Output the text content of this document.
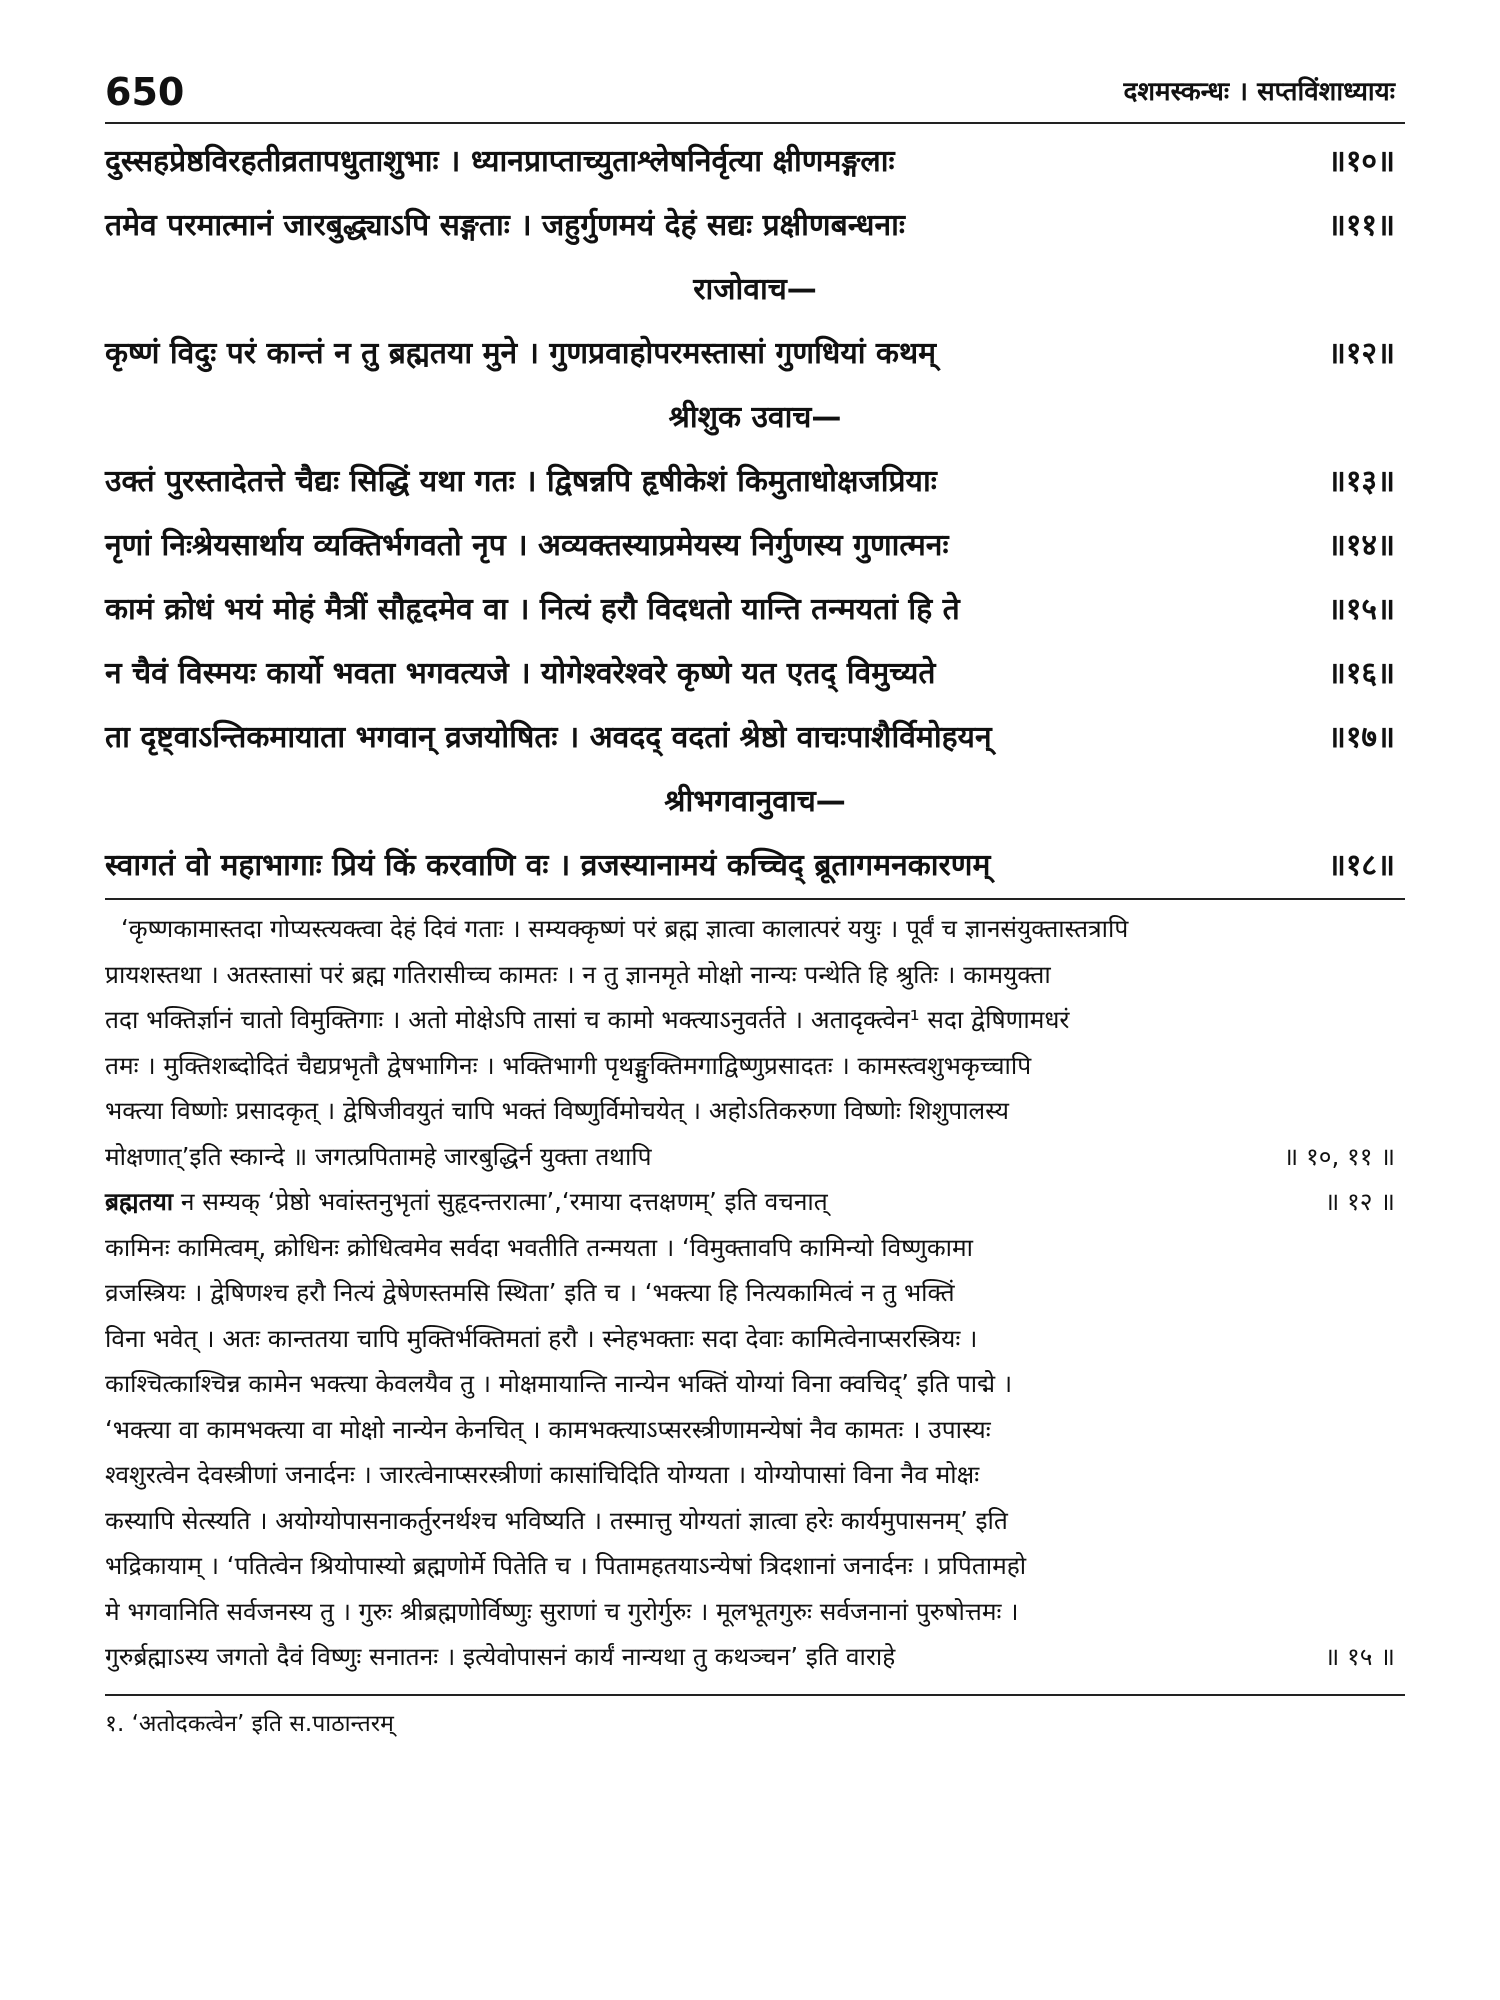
650	दशमस्कन्धः । सप्तविंशाध्यायः
दुस्सहप्रेष्ठविरहतीव्रतापधुताशुभाः । ध्यानप्राप्ताच्युताश्लेषनिर्वृत्या क्षीणमङ्गलाः	॥१०॥
तमेव परमात्मानं जारबुद्ध्याऽपि सङ्गताः । जहुर्गुणमयं देहं सद्यः प्रक्षीणबन्धनाः	॥११॥
राजोवाच—
कृष्णं विदुः परं कान्तं न तु ब्रह्मतया मुने । गुणप्रवाहोपरमस्तासां गुणधियां कथम्	॥१२॥
श्रीशुक उवाच—
उक्तं पुरस्तादेतत्ते चैद्यः सिद्धिं यथा गतः । द्विषन्नपि हृषीकेशं किमुताधोक्षजप्रियाः	॥१३॥
नृणां निःश्रेयसार्थाय व्यक्तिर्भगवतो नृप । अव्यक्तस्याप्रमेयस्य निर्गुणस्य गुणात्मनः	॥१४॥
कामं क्रोधं भयं मोहं मैत्रीं सौहृदमेव वा । नित्यं हरौ विदधतो यान्ति तन्मयतां हि ते	॥१५॥
न चैवं विस्मयः कार्यो भवता भगवत्यजे । योगेश्वरेश्वरे कृष्णे यत एतद् विमुच्यते	॥१६॥
ता दृष्ट्वाऽन्तिकमायाता भगवान् व्रजयोषितः । अवदद् वदतां श्रेष्ठो वाचःपाशैर्विमोहयन्	॥१७॥
श्रीभगवानुवाच—
स्वागतं वो महाभागाः प्रियं किं करवाणि वः । व्रजस्यानामयं कच्चिद् ब्रूतागमनकारणम्	॥१८॥
‘कृष्णकामास्तदा गोप्यस्त्यक्त्वा देहं दिवं गताः । सम्यक्कृष्णं परं ब्रह्म ज्ञात्वा कालात्परं ययुः । पूर्वं च ज्ञानसंयुक्तास्तत्रापि
प्रायशस्तथा । अतस्तासां परं ब्रह्म गतिरासीच्च कामतः । न तु ज्ञानमृते मोक्षो नान्यः पन्थेति हि श्रुतिः । कामयुक्ता
तदा भक्तिर्ज्ञानं चातो विमुक्तिगाः । अतो मोक्षेऽपि तासां च कामो भक्त्याऽनुवर्तते । अतादृक्त्वेन¹ सदा द्वेषिणामधरं
तमः । मुक्तिशब्दोदितं चैद्यप्रभृतौ द्वेषभागिनः । भक्तिभागी पृथङ्मुक्तिमगाद्विष्णुप्रसादतः । कामस्त्वशुभकृच्चापि
भक्त्या विष्णोः प्रसादकृत् । द्वेषिजीवयुतं चापि भक्तं विष्णुर्विमोचयेत् । अहोऽतिकरुणा विष्णोः शिशुपालस्य
मोक्षणात्’इति स्कान्दे ॥ जगत्प्रपितामहे जारबुद्धिर्न युक्ता तथापि	॥ १०, ११ ॥
ब्रह्मतया न सम्यक् ‘प्रेष्ठो भवांस्तनुभृतां सुहृदन्तरात्मा’,‘रमाया दत्तक्षणम्’ इति वचनात्	॥ १२ ॥
कामिनः कामित्वम्, क्रोधिनः क्रोधित्वमेव सर्वदा भवतीति तन्मयता । ‘विमुक्तावपि कामिन्यो विष्णुकामा
व्रजस्त्रियः । द्वेषिणश्च हरौ नित्यं द्वेषेणस्तमसि स्थिता’ इति च । ‘भक्त्या हि नित्यकामित्वं न तु भक्तिं
विना भवेत् । अतः कान्ततया चापि मुक्तिर्भक्तिमतां हरौ । स्नेहभक्ताः सदा देवाः कामित्वेनाप्सरस्त्रियः ।
काश्चित्काश्चिन्न कामेन भक्त्या केवलयैव तु । मोक्षमायान्ति नान्येन भक्तिं योग्यां विना क्वचिद्’ इति पाद्मे ।
‘भक्त्या वा कामभक्त्या वा मोक्षो नान्येन केनचित् । कामभक्त्याऽप्सरस्त्रीणामन्येषां नैव कामतः । उपास्यः
श्वशुरत्वेन देवस्त्रीणां जनार्दनः । जारत्वेनाप्सरस्त्रीणां कासांचिदिति योग्यता । योग्योपासां विना नैव मोक्षः
कस्यापि सेत्स्यति । अयोग्योपासनाकर्तुरनर्थश्च भविष्यति । तस्मात्तु योग्यतां ज्ञात्वा हरेः कार्यमुपासनम्’ इति
भद्रिकायाम् । ‘पतित्वेन श्रियोपास्यो ब्रह्मणोर्मे पितेति च । पितामहतयाऽन्येषां त्रिदशानां जनार्दनः । प्रपितामहो
मे भगवानिति सर्वजनस्य तु । गुरुः श्रीब्रह्मणोर्विष्णुः सुराणां च गुरोर्गुरुः । मूलभूतगुरुः सर्वजनानां पुरुषोत्तमः ।
गुरुर्ब्रह्माऽस्य जगतो दैवं विष्णुः सनातनः । इत्येवोपासनं कार्यं नान्यथा तु कथञ्चन’ इति वाराहे	॥ १५ ॥
१. ‘अतोदकत्वेन’ इति स.पाठान्तरम्
